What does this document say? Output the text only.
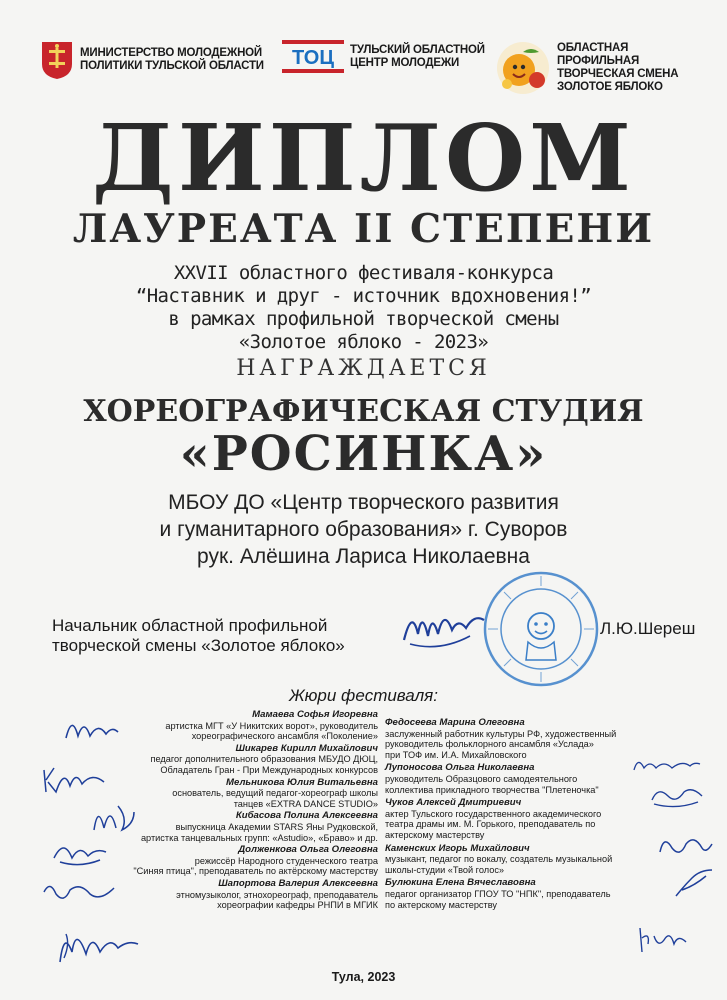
МИНИСТЕРСТВО МОЛОДЕЖНОЙ
ПОЛИТИКИ ТУЛЬСКОЙ ОБЛАСТИ ТОЦ ТУЛЬСКИЙ ОБЛАСТНОЙ
ЦЕНТР МОЛОДЕЖИ
ОБЛАСТНАЯ ПРОФИЛЬНАЯ
ТВОРЧЕСКАЯ СМЕНА
ЗОЛОТОЕ ЯБЛОКО
ДИПЛОМ
ЛАУРЕАТА II СТЕПЕНИ
XXVII областного фестиваля-конкурса
“Наставник и друг - источник вдохновения!”
в рамках профильной творческой смены
«Золотое яблоко - 2023»
НАГРАЖДАЕТСЯ
ХОРЕОГРАФИЧЕСКАЯ СТУДИЯ
«РОСИНКА»
МБОУ ДО «Центр творческого развития
и гуманитарного образования» г. Суворов
рук. Алёшина Лариса Николаевна
Начальник областной профильной
творческой смены «Золотое яблоко»
Л.Ю.Шереш
Жюри фестиваля:
Мамаева Софья Игоревна
артистка МГТ «У Никитских ворот», руководитель
хореографического ансамбля «Поколение»
Шикарев Кирилл Михайлович
педагог дополнительного образования МБУДО ДЮЦ,
Обладатель Гран - При Международных конкурсов
Мельникова Юлия Витальевна
основатель, ведущий педагог-хореограф школы
танцев «EXTRA DANCE STUDIO»
Кибасова Полина Алексеевна
выпускница Академии STARS Яны Рудковской,
артистка танцевальных групп: «Astudio», «Браво» и др.
Долженкова Ольга Олеговна
режиссёр Народного студенческого театра
"Синяя птица", преподаватель по актёрскому мастерству
Шапортова Валерия Алексеевна
этномузыколог, этнохореограф, преподаватель
хореографии кафедры РНПИ в МГИК
Федосеева Марина Олеговна
заслуженный работник культуры РФ, художественный
руководитель фольклорного ансамбля «Услада»
при ТОФ им. И.А. Михайловского
Лупоносова Ольга Николаевна
руководитель Образцового самодеятельного
коллектива прикладного творчества "Плетеночка"
Чуков Алексей Дмитриевич
актер Тульского государственного академического
театра драмы им. М. Горького, преподаватель по
актерскому мастерству
Каменских Игорь Михайлович
музыкант, педагог по вокалу, создатель музыкальной
школы-студии «Твой голос»
Булюкина Елена Вячеславовна
педагог организатор ГПОУ ТО "НПК", преподаватель
по актерскому мастерству
Тула, 2023
